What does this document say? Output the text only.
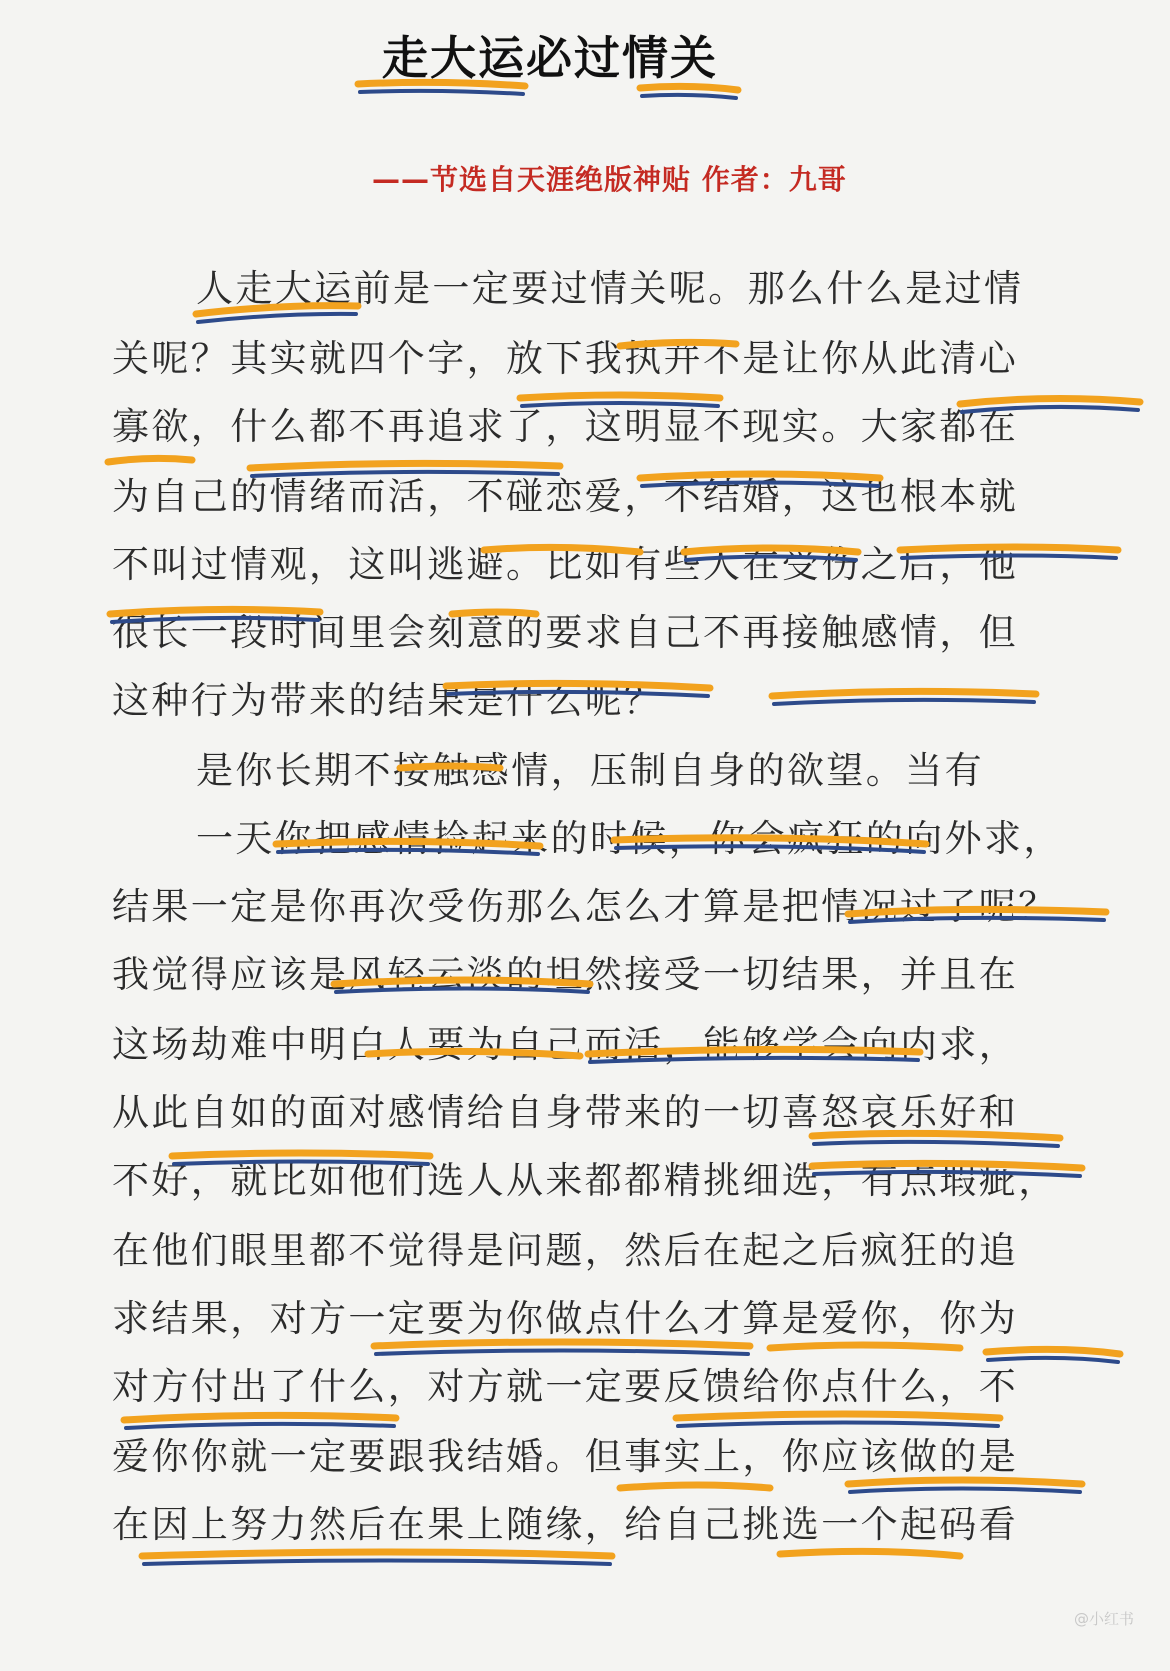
走大运必过情关
——节选自天涯绝版神贴 作者：九哥
人走大运前是一定要过情关呢。那么什么是过情
关呢？其实就四个字，放下我执并不是让你从此清心
寡欲，什么都不再追求了，这明显不现实。大家都在
为自己的情绪而活，不碰恋爱，不结婚，这也根本就
不叫过情观，这叫逃避。比如有些人在受伤之后，他
很长一段时间里会刻意的要求自己不再接触感情，但
这种行为带来的结果是什么呢？
是你长期不接触感情，压制自身的欲望。当有
一天你把感情捡起来的时候，你会疯狂的向外求，
结果一定是你再次受伤那么怎么才算是把情况过了呢？
我觉得应该是风轻云淡的坦然接受一切结果，并且在
这场劫难中明白人要为自己而活，能够学会向内求，
从此自如的面对感情给自身带来的一切喜怒哀乐好和
不好，就比如他们选人从来都都精挑细选，有点瑕疵，
在他们眼里都不觉得是问题，然后在起之后疯狂的追
求结果，对方一定要为你做点什么才算是爱你，你为
对方付出了什么，对方就一定要反馈给你点什么，不
爱你你就一定要跟我结婚。但事实上，你应该做的是
在因上努力然后在果上随缘，给自己挑选一个起码看
@小红书
